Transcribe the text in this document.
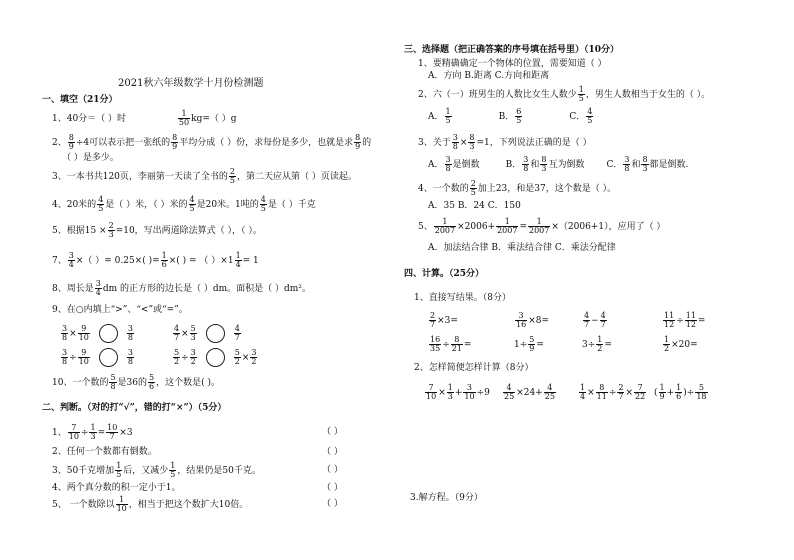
2021秋六年级数学十月份检测题
一、填空（21分）
1、40分＝（ ）时	$\frac{1}{50} kg=$（ ）g
2、 $\frac{8}{9} \div 4$可以表示把一张纸的 $\frac{8}{9}$ 平均分成（ ）份，求每份是多少，也就是求 $\frac{8}{9}$ 的
（ ）是多少。
3、一本书共120页，李丽第一天读了全书的 $\frac{2}{5}$ ，第二天应从第（ ）页读起。
4、20米的 $\frac{4}{5}$ 是（ ）米，（ ）米的 $\frac{4}{5}$ 是20米。1吨的 $\frac{4}{5}$ 是（ ）千克
5、根据$15 \times \frac{2}{3} =10$，写出两道除法算式（ ），（ ）。
7、 $\frac{3}{4}$ ×（ ）= 0.25×( )= $\frac{1}{6}$ ×( ) = （ ）$\times 1 \frac{1}{4} = 1$
8、周长是 $\frac{3}{4}$ dm 的正方形的边长是（ ）dm。面积是（ ）dm²。
9、在○内填上“>”、“<”或“=”。
$\frac{3}{8} \times \frac{9}{10}$	$\frac{3}{8}$	$\frac{4}{7} \times \frac{5}{3}$	$\frac{4}{7}$
$\frac{3}{8} \div \frac{9}{10}$	$\frac{3}{8}$	$\frac{5}{2} \div \frac{3}{2}$	$\frac{5}{2} \times \frac{3}{2}$
10、一个数的 $\frac{5}{8}$ 是36的 $\frac{5}{6}$ ，这个数是( )。
二、判断。（对的打“√”，错的打“×”）（5分）
1、 $\frac{7}{10} \div \frac{1}{3} = \frac{10}{7} \times 3$	（ ）
2、任何一个数都有倒数。	（ ）
3、50千克增加 $\frac{1}{5}$ 后，又减少 $\frac{1}{5}$ ，结果仍是50千克。	（ ）
4、两个真分数的积一定小于1。	（ ）
5、 一个数除以 $\frac{1}{10}$ ，相当于把这个数扩大10倍。	（ ）
三、选择题（把正确答案的序号填在括号里）（10分）
1、要精确确定一个物体的位置，需要知道（ ）
A．方向 B.距离 C.方向和距离
2、六（一）班男生的人数比女生人数少 $\frac{1}{5}$ ，男生人数相当于女生的（ ）。
A． $\frac{1}{5}$	B． $\frac{6}{5}$	C． $\frac{4}{5}$
3、关于 $\frac{3}{8} \times \frac{8}{3} =1$，下列说法正确的是（ ）
A． $\frac{3}{8}$ 是倒数	B． $\frac{3}{8}$ 和 $\frac{8}{3}$ 互为倒数 C． $\frac{3}{8}$ 和 $\frac{8}{3}$ 都是倒数.
4、一个数的 $\frac{2}{5}$ 加上23，和是37，这个数是（ ）。
A．35 B．24 C．150
5、 $\frac{1}{2007} \times 2006+ \frac{1}{2007} = \frac{1}{2007} \times(2006+1)$，应用了（ ）
A．加法结合律 B．乘法结合律 C．乘法分配律
四、计算。（25分）
1、直接写结果。（8分）
$\frac{2}{7} \times 3=$	$\frac{3}{16} \times 8=$	$\frac{4}{7} - \frac{4}{7}$	$\frac{11}{12} \div \frac{11}{12}$ =
$\frac{16}{35} \div \frac{8}{21}$ =	$1\div \frac{5}{9}$ =	$3\div \frac{1}{2}$ =	$\frac{1}{2} \times 20=$
2、怎样简便怎样计算（8分）
$\frac{7}{10} \times \frac{1}{3} + \frac{3}{10} \div 9 \frac{4}{25} \times 24+ \frac{4}{25}$	$\frac{1}{4} \times \frac{8}{11} \div \frac{2}{7} \times \frac{7}{22}$ ( $\frac{1}{9} + \frac{1}{6}$ )÷ $\frac{5}{18}$
3.解方程。（9分）
